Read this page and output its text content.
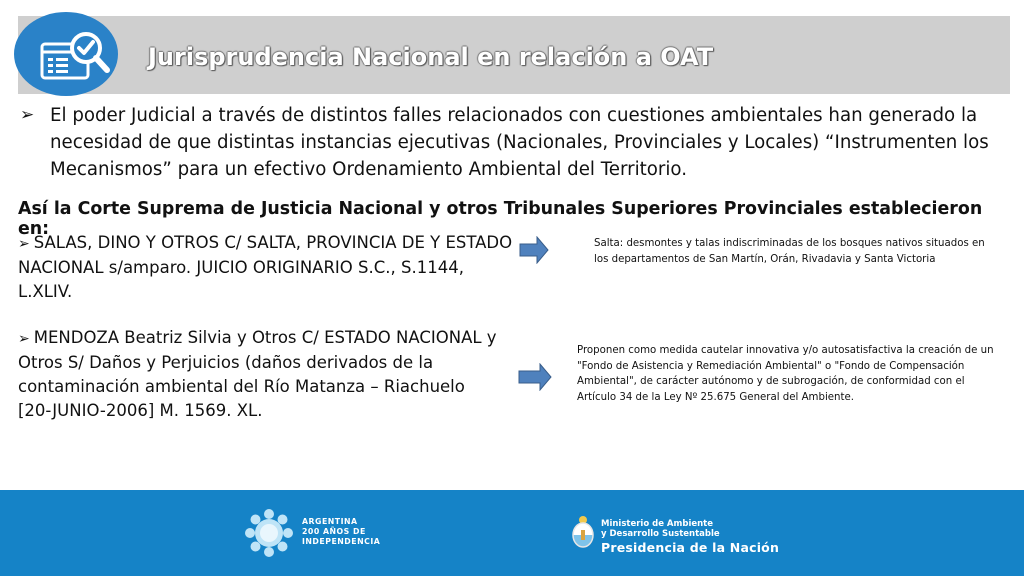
Jurisprudencia Nacional en relación a OAT
➢ El poder Judicial a través de distintos falles relacionados con cuestiones ambientales han generado la necesidad de que distintas instancias ejecutivas (Nacionales, Provinciales y Locales) “Instrumenten los Mecanismos” para un efectivo Ordenamiento Ambiental del Territorio.
Así la Corte Suprema de Justicia Nacional y otros Tribunales Superiores Provinciales establecieron en:
➢ SALAS, DINO Y OTROS C/ SALTA, PROVINCIA DE Y ESTADO NACIONAL s/amparo. JUICIO ORIGINARIO S.C., S.1144, L.XLIV.
Salta: desmontes y talas indiscriminadas de los bosques nativos situados en los departamentos de San Martín, Orán, Rivadavia y Santa Victoria
➢ MENDOZA Beatriz Silvia y Otros C/ ESTADO NACIONAL y Otros S/ Daños y Perjuicios (daños derivados de la contaminación ambiental del Río Matanza – Riachuelo [20-JUNIO-2006] M. 1569. XL.
Proponen como medida cautelar innovativa y/o autosatisfactiva la creación de un "Fondo de Asistencia y Remediación Ambiental" o "Fondo de Compensación Ambiental", de carácter autónomo y de subrogación, de conformidad con el Artículo 34 de la Ley Nº 25.675 General del Ambiente.
ARGENTINA
200 AÑOS DE
INDEPENDENCIA
Ministerio de Ambiente
y Desarrollo Sustentable
Presidencia de la Nación
